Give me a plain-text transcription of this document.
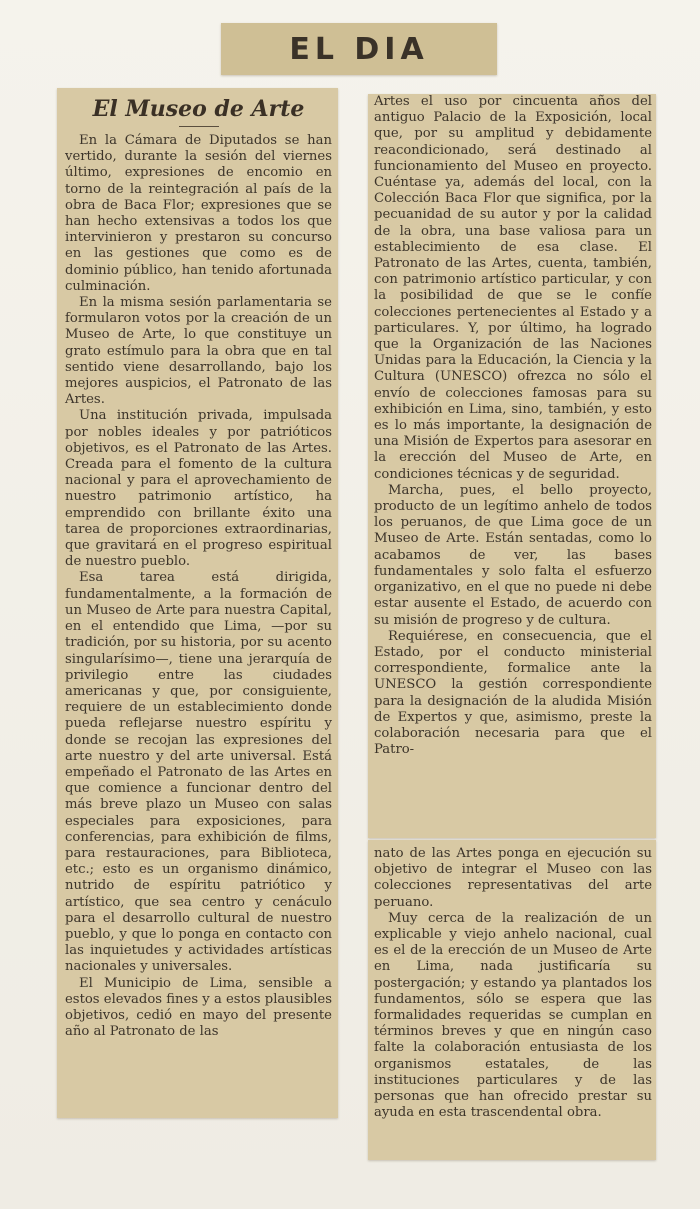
EL DIA
El Museo de Arte

En la Cámara de Diputados se han vertido, durante la sesión del viernes último, expresiones de encomio en torno de la reintegración al país de la obra de Baca Flor; expresiones que se han hecho extensivas a todos los que intervinieron y prestaron su concurso en las gestiones que como es de dominio público, han tenido afortunada culminación.

En la misma sesión parlamentaria se formularon votos por la creación de un Museo de Arte, lo que constituye un grato estímulo para la obra que en tal sentido viene desarrollando, bajo los mejores auspicios, el Patronato de las Artes.

Una institución privada, impulsada por nobles ideales y por patrióticos objetivos, es el Patronato de las Artes. Creada para el fomento de la cultura nacional y para el aprovechamiento de nuestro patrimonio artístico, ha emprendido con brillante éxito una tarea de proporciones extraordinarias, que gravitará en el progreso espiritual de nuestro pueblo.

Esa tarea está dirigida, fundamentalmente, a la formación de un Museo de Arte para nuestra Capital, en el entendido que Lima, —por su tradición, por su historia, por su acento singularísimo—, tiene una jerarquía de privilegio entre las ciudades americanas y que, por consiguiente, requiere de un establecimiento donde pueda reflejarse nuestro espíritu y donde se recojan las expresiones del arte nuestro y del arte universal. Está empeñado el Patronato de las Artes en que comience a funcionar dentro del más breve plazo un Museo con salas especiales para exposiciones, para conferencias, para exhibición de films, para restauraciones, para Biblioteca, etc.; esto es un organismo dinámico, nutrido de espíritu patriótico y artístico, que sea centro y cenáculo para el desarrollo cultural de nuestro pueblo, y que lo ponga en contacto con las inquietudes y actividades artísticas nacionales y universales.

El Municipio de Lima, sensible a estos elevados fines y a estos plausibles objetivos, cedió en mayo del presente año al Patronato de las

Artes el uso por cincuenta años del antiguo Palacio de la Exposición, local que, por su amplitud y debidamente reacondicionado, será destinado al funcionamiento del Museo en proyecto. Cuéntase ya, además del local, con la Colección Baca Flor que significa, por la pecuanidad de su autor y por la calidad de la obra, una base valiosa para un establecimiento de esa clase. El Patronato de las Artes, cuenta, también, con patrimonio artístico particular, y con la posibilidad de que se le confíe colecciones pertenecientes al Estado y a particulares. Y, por último, ha logrado que la Organización de las Naciones Unidas para la Educación, la Ciencia y la Cultura (UNESCO) ofrezca no sólo el envío de colecciones famosas para su exhibición en Lima, sino, también, y esto es lo más importante, la designación de una Misión de Expertos para asesorar en la erección del Museo de Arte, en condiciones técnicas y de seguridad.

Marcha, pues, el bello proyecto, producto de un legítimo anhelo de todos los peruanos, de que Lima goce de un Museo de Arte. Están sentadas, como lo acabamos de ver, las bases fundamentales y solo falta el esfuerzo organizativo, en el que no puede ni debe estar ausente el Estado, de acuerdo con su misión de progreso y de cultura.

Requiérese, en consecuencia, que el Estado, por el conducto ministerial correspondiente, formalice ante la UNESCO la gestión correspondiente para la designación de la aludida Misión de Expertos y que, asimismo, preste la colaboración necesaria para que el Patro-

nato de las Artes ponga en ejecución su objetivo de integrar el Museo con las colecciones representativas del arte peruano.

Muy cerca de la realización de un explicable y viejo anhelo nacional, cual es el de la erección de un Museo de Arte en Lima, nada justificaría su postergación; y estando ya plantados los fundamentos, sólo se espera que las formalidades requeridas se cumplan en términos breves y que en ningún caso falte la colaboración entusiasta de los organismos estatales, de las instituciones particulares y de las personas que han ofrecido prestar su ayuda en esta trascendental obra.
